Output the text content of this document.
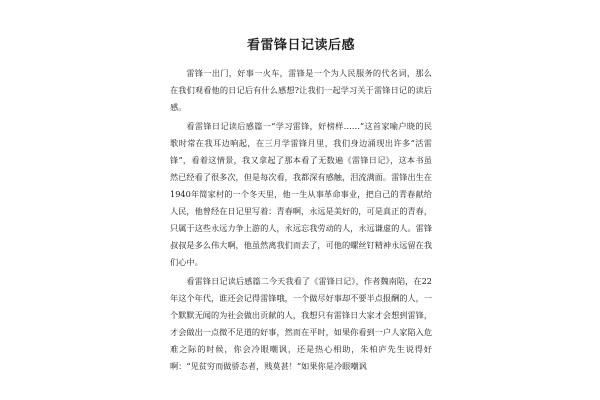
看雷锋日记读后感

雷锋一出门，好事一火车，雷锋是一个为人民服务的代名词，那么在我们观看他的日记后有什么感想?让我们一起学习关于雷锋日记的读后感。

看雷锋日记读后感篇一“学习雷锋，好榜样……”这首家喻户晓的民歌时常在我耳边响起，在三月学雷锋月里，我们身边涌现出许多“活雷锋”，看着这情景，我又拿起了那本看了无数遍《雷锋日记》，这本书虽然已经看了很多次，但是每次看，我都深有感触，泪流满面。雷锋出生在1940年简家村的一个冬天里，他一生从事革命事业，把自己的青春献给人民，他曾经在日记里写着：青春啊，永远是美好的，可是真正的青春，只属于这些永远力争上游的人，永远忘我劳动的人，永远谦虚的人。雷锋叔叔是多么伟大啊，他虽然离我们而去了，可他的螺丝钉精神永远留在我们心中。

看雷锋日记读后感篇二今天我看了《雷锋日记》，作者魏南陷，在22年这个年代，谁还会记得雷锋哦，一个做尽好事却不要半点报酬的人，一个默默无闻的为社会做出贡献的人，我想只有雷锋日大家才会想到雷锋，才会做出一点微不足道的好事，然而在平时，如果你看到一户人家陷入危难之际的时候，你会冷眼嘲讽，还是热心相助，朱柏庐先生说得好啊：“见贫穷而做骄态者，贱莫甚！”如果你是冷眼嘲讽
